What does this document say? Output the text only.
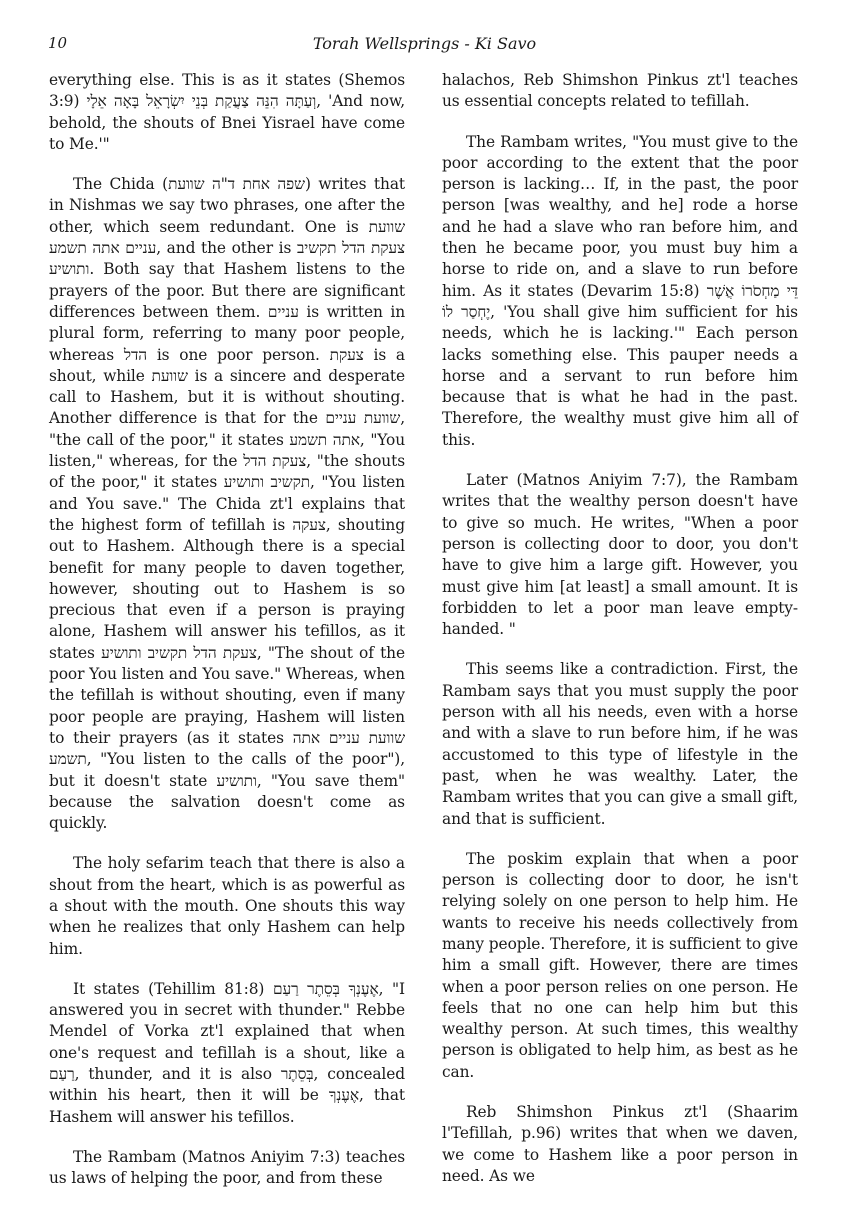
10	Torah Wellsprings - Ki Savo

everything else. This is as it states (Shemos 3:9) וְעַתָּה הִנֵּה צַעֲקַת בְּנֵי יִשְׂרָאֵל בָּאָה אֵלָי, 'And now, behold, the shouts of Bnei Yisrael have come to Me.'"

The Chida (שפה אחת ד"ה שוועת) writes that in Nishmas we say two phrases, one after the other, which seem redundant. One is שוועת עניים אתה תשמע, and the other is צעקת הדל תקשיב ותושיע. Both say that Hashem listens to the prayers of the poor. But there are significant differences between them. עניים is written in plural form, referring to many poor people, whereas הדל is one poor person. צעקת is a shout, while שוועת is a sincere and desperate call to Hashem, but it is without shouting. Another difference is that for the שוועת עניים, "the call of the poor," it states אתה תשמע, "You listen," whereas, for the צעקת הדל, "the shouts of the poor," it states תקשיב ותושיע, "You listen and You save." The Chida zt'l explains that the highest form of tefillah is צעקה, shouting out to Hashem. Although there is a special benefit for many people to daven together, however, shouting out to Hashem is so precious that even if a person is praying alone, Hashem will answer his tefillos, as it states צעקת הדל תקשיב ותושיע, "The shout of the poor You listen and You save." Whereas, when the tefillah is without shouting, even if many poor people are praying, Hashem will listen to their prayers (as it states שוועת עניים אתה תשמע, "You listen to the calls of the poor"), but it doesn't state ותושיע, "You save them" because the salvation doesn't come as quickly.

The holy sefarim teach that there is also a shout from the heart, which is as powerful as a shout with the mouth. One shouts this way when he realizes that only Hashem can help him.

It states (Tehillim 81:8) אֶעֶנְךָ בְּסֵתֶר רַעַם, "I answered you in secret with thunder." Rebbe Mendel of Vorka zt'l explained that when one's request and tefillah is a shout, like a רַעַם, thunder, and it is also בְּסֵתֶר, concealed within his heart, then it will be אֶעֶנְךָ, that Hashem will answer his tefillos.

The Rambam (Matnos Aniyim 7:3) teaches us laws of helping the poor, and from these

halachos, Reb Shimshon Pinkus zt'l teaches us essential concepts related to tefillah.

The Rambam writes, "You must give to the poor according to the extent that the poor person is lacking… If, in the past, the poor person [was wealthy, and he] rode a horse and he had a slave who ran before him, and then he became poor, you must buy him a horse to ride on, and a slave to run before him. As it states (Devarim 15:8) דֵּי מַחְסֹרוֹ אֲשֶׁר יֶחְסַר לוֹ, 'You shall give him sufficient for his needs, which he is lacking.'" Each person lacks something else. This pauper needs a horse and a servant to run before him because that is what he had in the past. Therefore, the wealthy must give him all of this.

Later (Matnos Aniyim 7:7), the Rambam writes that the wealthy person doesn't have to give so much. He writes, "When a poor person is collecting door to door, you don't have to give him a large gift. However, you must give him [at least] a small amount. It is forbidden to let a poor man leave empty-handed. "

This seems like a contradiction. First, the Rambam says that you must supply the poor person with all his needs, even with a horse and with a slave to run before him, if he was accustomed to this type of lifestyle in the past, when he was wealthy. Later, the Rambam writes that you can give a small gift, and that is sufficient.

The poskim explain that when a poor person is collecting door to door, he isn't relying solely on one person to help him. He wants to receive his needs collectively from many people. Therefore, it is sufficient to give him a small gift. However, there are times when a poor person relies on one person. He feels that no one can help him but this wealthy person. At such times, this wealthy person is obligated to help him, as best as he can.

Reb Shimshon Pinkus zt'l (Shaarim l'Tefillah, p.96) writes that when we daven, we come to Hashem like a poor person in need. As we
